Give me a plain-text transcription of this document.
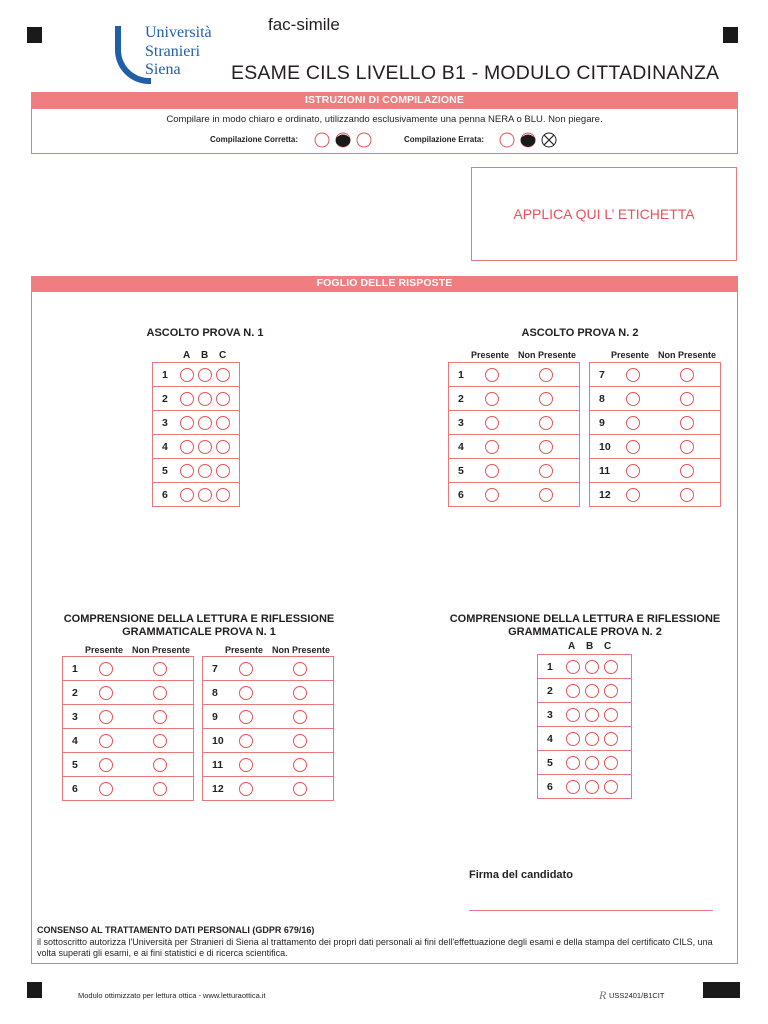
Università
Stranieri
Siena
fac-simile
ESAME CILS LIVELLO B1 - MODULO CITTADINANZA
ISTRUZIONI DI COMPILAZIONE
Compilare in modo chiaro e ordinato, utilizzando esclusivamente una penna NERA o BLU. Non piegare.
Compilazione Corretta:	Compilazione Errata:
APPLICA QUI L’ ETICHETTA
FOGLIO DELLE RISPOSTE
ASCOLTO PROVA N. 1
A B C
1
2
3
4
5
6
ASCOLTO PROVA N. 2
Presente Non Presente	Presente Non Presente
1
2
3
4
5
6
7
8
9
10
11
12
COMPRENSIONE DELLA LETTURA E RIFLESSIONE
GRAMMATICALE PROVA N. 1
Presente Non Presente	Presente Non Presente
1
2
3
4
5
6
7
8
9
10
11
12
COMPRENSIONE DELLA LETTURA E RIFLESSIONE
GRAMMATICALE PROVA N. 2
A B C
1
2
3
4
5
6
Firma del candidato
CONSENSO AL TRATTAMENTO DATI PERSONALI (GDPR 679/16)
il sottoscritto autorizza l'Università per Stranieri di Siena al trattamento dei propri dati personali ai fini dell'effettuazione degli esami e della stampa del certificato CILS, una volta superati gli esami, e ai fini statistici e di ricerca scientifica.
Modulo ottimizzato per lettura ottica - www.letturaottica.it	R USS2401/B1CIT
